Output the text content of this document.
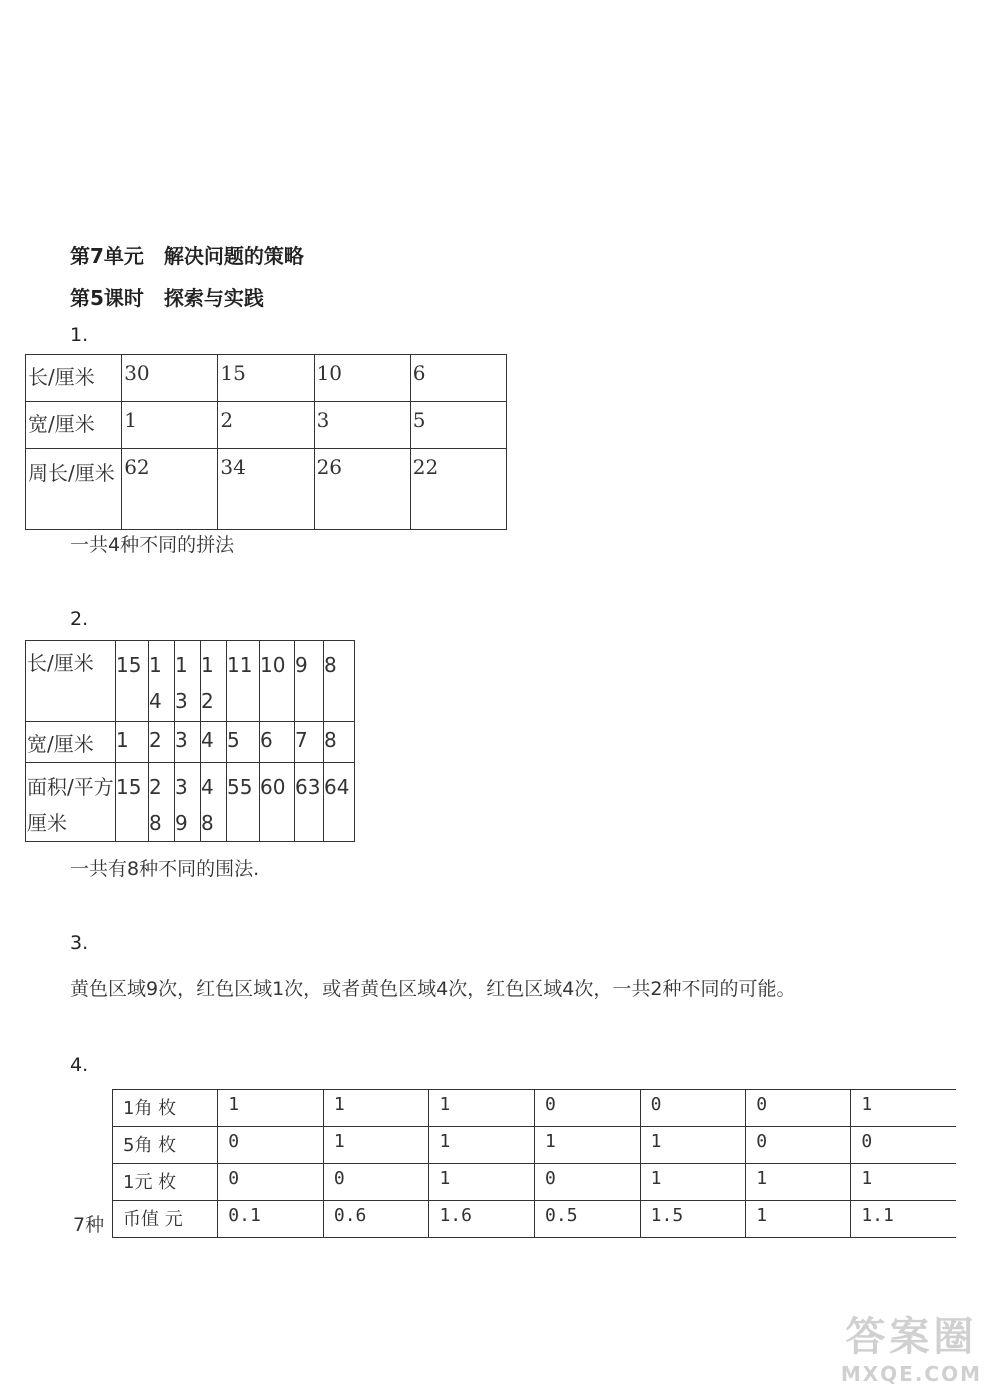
第7单元　解决问题的策略
第5课时　探索与实践
1.
长/厘米	30	15	10	6
宽/厘米	1	2	3	5
周长/厘米	62	34	26	22
一共4种不同的拼法
2.
长/厘米	15	14	13	12	11	10	9	8
宽/厘米	1	2	3	4	5	6	7	8
面积/平方厘米	15	28	39	48	55	60	63	64
一共有8种不同的围法.
3.
黄色区域9次，红色区域1次，或者黄色区域4次，红色区域4次，一共2种不同的可能。
4.
1角 枚	1	1	1	0	0	0	1
5角 枚	0	1	1	1	1	0	0
1元 枚	0	0	1	0	1	1	1
币值 元	0.1	0.6	1.6	0.5	1.5	1	1.1
7种
答案圈
MXQE.COM
